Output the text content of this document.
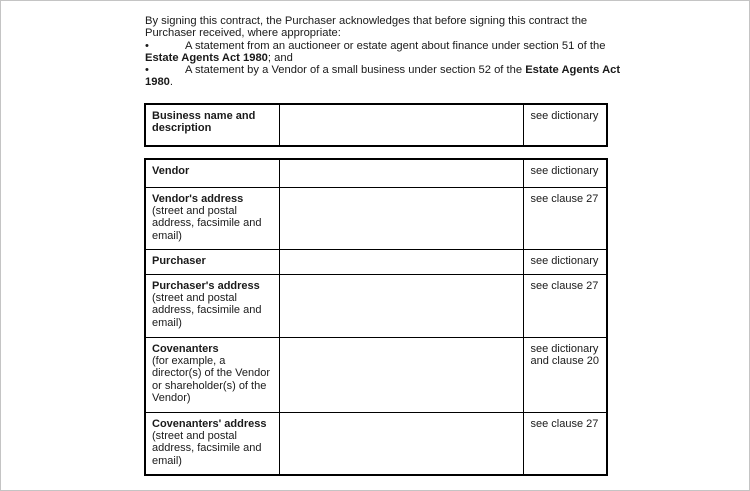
By signing this contract, the Purchaser acknowledges that before signing this contract the Purchaser received, where appropriate:

•	A statement from an auctioneer or estate agent about finance under section 51 of the

Estate Agents Act 1980; and

•	A statement by a Vendor of a small business under section 52 of the Estate Agents Act

1980.

Business name and description
		see dictionary
Vendor		see dictionary

Vendor's address
(street and postal address, facsimile and email)		see clause 27

Purchaser		see dictionary

Purchaser's address
(street and postal address, facsimile and email)		see clause 27

Covenanters
(for example, a director(s) of the Vendor or shareholder(s) of the Vendor)		see dictionary and clause 20

Covenanters' address
(street and postal address, facsimile and email)		see clause 27
